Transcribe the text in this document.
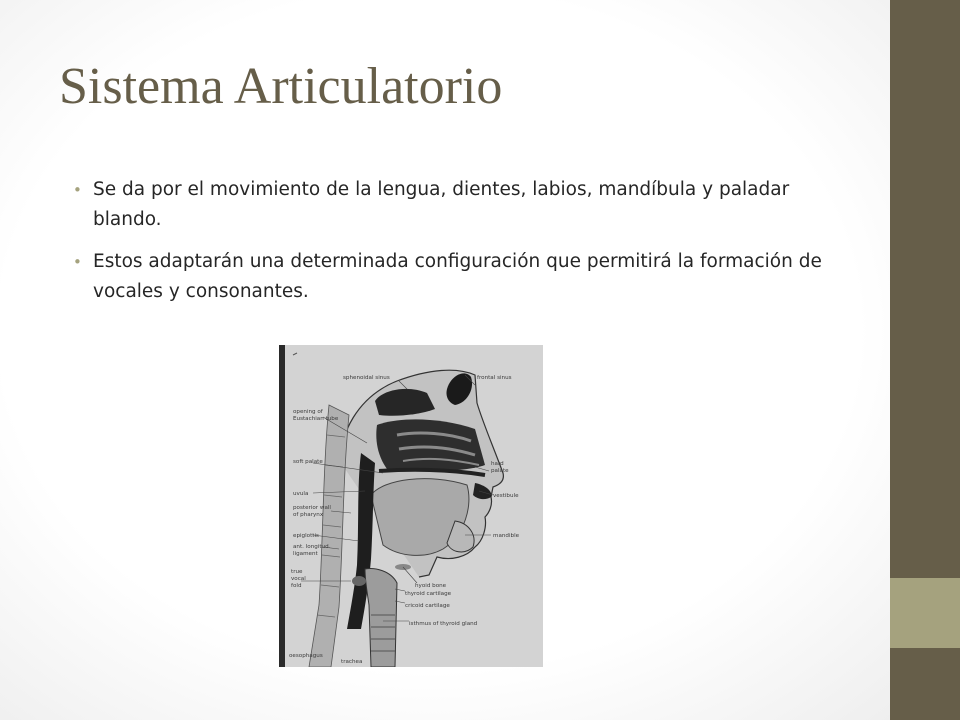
Sistema Articulatorio
• Se da por el movimiento de la lengua, dientes, labios, mandíbula y paladar blando.
• Estos adaptarán una determinada configuración que permitirá la formación de vocales y consonantes.
sphenoidal sinus	frontal sinus
opening of
Eustachian tube
soft palate	hard
palate
uvula	vestibule
posterior wall
of pharynx
epiglottis	mandible
ant. longitud.
ligament
true
vocal
fold	hyoid bone
thyroid cartilage
cricoid cartilage
isthmus of thyroid gland
oesophagus
trachea
